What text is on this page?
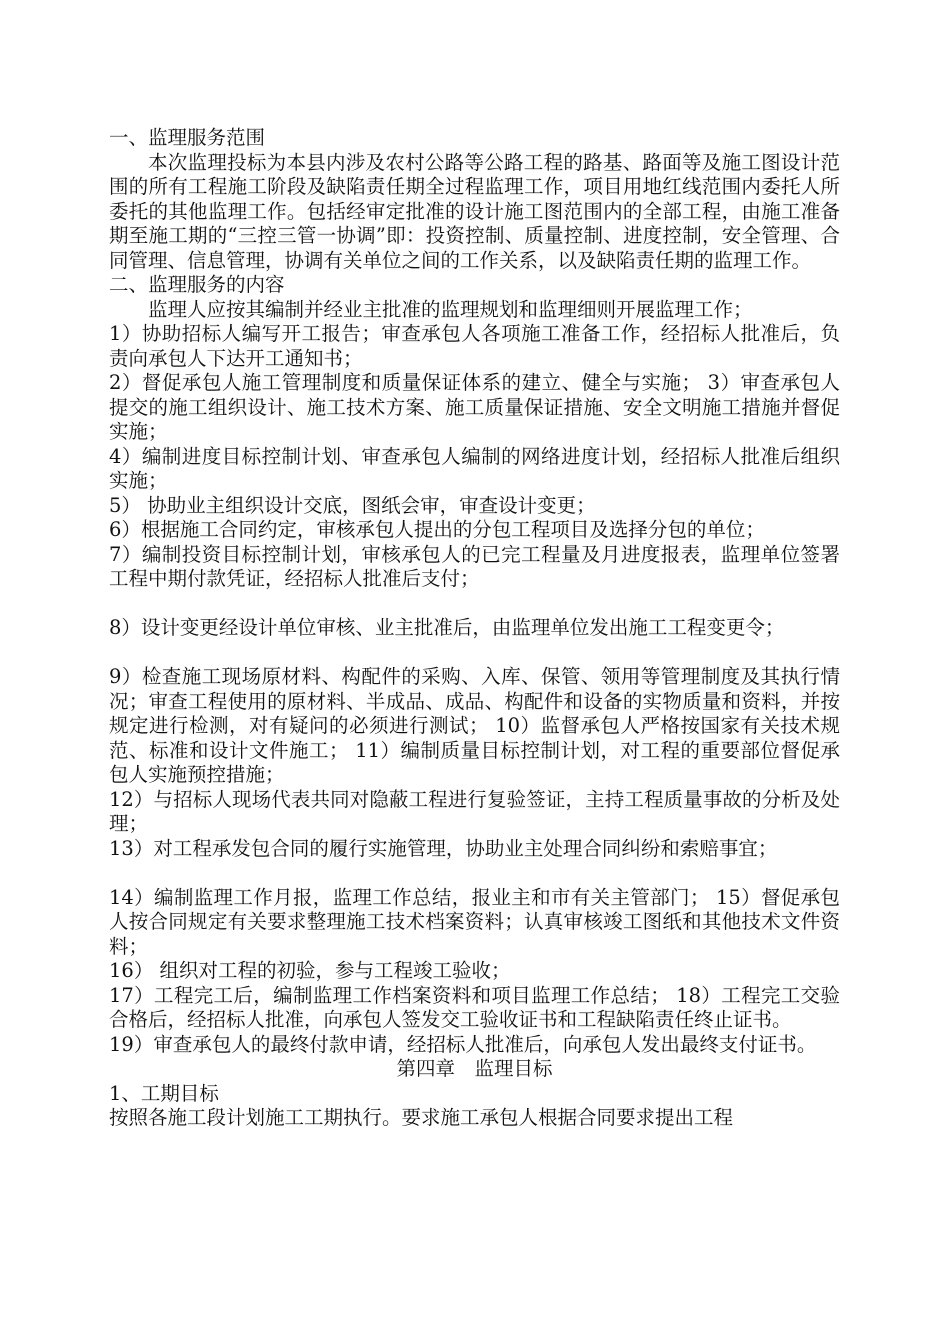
一、监理服务范围

本次监理投标为本县内涉及农村公路等公路工程的路基、路面等及施工图设计范围的所有工程施工阶段及缺陷责任期全过程监理工作，项目用地红线范围内委托人所委托的其他监理工作。包括经审定批准的设计施工图范围内的全部工程，由施工准备期至施工期的“三控三管一协调”即：投资控制、质量控制、进度控制，安全管理、合同管理、信息管理，协调有关单位之间的工作关系，以及缺陷责任期的监理工作。

二、监理服务的内容

监理人应按其编制并经业主批准的监理规划和监理细则开展监理工作；

1）协助招标人编写开工报告；审查承包人各项施工准备工作，经招标人批准后，负责向承包人下达开工通知书；

2）督促承包人施工管理制度和质量保证体系的建立、健全与实施； 3）审查承包人提交的施工组织设计、施工技术方案、施工质量保证措施、安全文明施工措施并督促实施；

4）编制进度目标控制计划、审查承包人编制的网络进度计划，经招标人批准后组织实施；

5） 协助业主组织设计交底，图纸会审，审查设计变更；

6）根据施工合同约定，审核承包人提出的分包工程项目及选择分包的单位；

7）编制投资目标控制计划，审核承包人的已完工程量及月进度报表，监理单位签署工程中期付款凭证，经招标人批准后支付；

8）设计变更经设计单位审核、业主批准后，由监理单位发出施工工程变更令；

9）检查施工现场原材料、构配件的采购、入库、保管、领用等管理制度及其执行情况；审查工程使用的原材料、半成品、成品、构配件和设备的实物质量和资料，并按规定进行检测，对有疑问的必须进行测试； 10）监督承包人严格按国家有关技术规范、标准和设计文件施工； 11）编制质量目标控制计划，对工程的重要部位督促承包人实施预控措施；

12）与招标人现场代表共同对隐蔽工程进行复验签证，主持工程质量事故的分析及处理；

13）对工程承发包合同的履行实施管理，协助业主处理合同纠纷和索赔事宜；

14）编制监理工作月报，监理工作总结，报业主和市有关主管部门； 15）督促承包人按合同规定有关要求整理施工技术档案资料；认真审核竣工图纸和其他技术文件资料；

16） 组织对工程的初验，参与工程竣工验收；

17）工程完工后，编制监理工作档案资料和项目监理工作总结； 18）工程完工交验合格后，经招标人批准，向承包人签发交工验收证书和工程缺陷责任终止证书。

19）审查承包人的最终付款申请，经招标人批准后，向承包人发出最终支付证书。

第四章　监理目标

1、工期目标

按照各施工段计划施工工期执行。要求施工承包人根据合同要求提出工程
